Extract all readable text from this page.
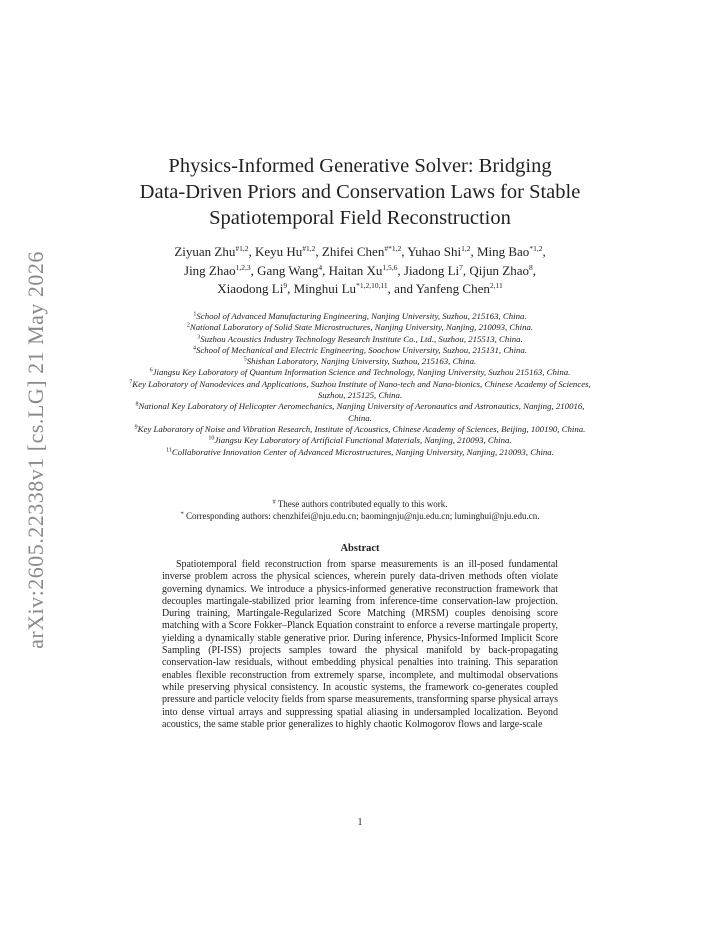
arXiv:2605.22338v1 [cs.LG] 21 May 2026
Physics-Informed Generative Solver: Bridging
Data-Driven Priors and Conservation Laws for Stable
Spatiotemporal Field Reconstruction
Ziyuan Zhu$^{\#1,2}$, Keyu Hu$^{\#1,2}$, Zhifei Chen$^{\#*1,2}$, Yuhao Shi$^{1,2}$, Ming Bao$^{*1,2}$,
Jing Zhao$^{1,2,3}$, Gang Wang$^4$, Haitan Xu$^{1,5,6}$, Jiadong Li$^7$, Qijun Zhao$^8$,
Xiaodong Li$^9$, Minghui Lu$^{*1,2,10,11}$, and Yanfeng Chen$^{2,11}$
$^1$School of Advanced Manufacturing Engineering, Nanjing University, Suzhou, 215163, China.
$^2$National Laboratory of Solid State Microstructures, Nanjing University, Nanjing, 210093, China.
$^3$Suzhou Acoustics Industry Technology Research Institute Co., Ltd., Suzhou, 215513, China.
$^4$School of Mechanical and Electric Engineering, Soochow University, Suzhou, 215131, China.
$^5$Shishan Laboratory, Nanjing University, Suzhou, 215163, China.
$^6$Jiangsu Key Laboratory of Quantum Information Science and Technology, Nanjing University, Suzhou 215163, China.
$^7$Key Laboratory of Nanodevices and Applications, Suzhou Institute of Nano-tech and Nano-bionics, Chinese Academy of Sciences, Suzhou, 215125, China.
$^8$National Key Laboratory of Helicopter Aeromechanics, Nanjing University of Aeronautics and Astronautics, Nanjing, 210016, China.
$^9$Key Laboratory of Noise and Vibration Research, Institute of Acoustics, Chinese Academy of Sciences, Beijing, 100190, China.
$^{10}$Jiangsu Key Laboratory of Artificial Functional Materials, Nanjing, 210093, China.
$^{11}$Collaborative Innovation Center of Advanced Microstructures, Nanjing University, Nanjing, 210093, China.
# These authors contributed equally to this work.
* Corresponding authors: chenzhifei@nju.edu.cn; baomingnju@nju.edu.cn; luminghui@nju.edu.cn.
Abstract

Spatiotemporal field reconstruction from sparse measurements is an ill-posed fundamental inverse problem across the physical sciences, wherein purely data-driven methods often violate governing dynamics. We introduce a physics-informed generative reconstruction framework that decouples martingale-stabilized prior learning from inference-time conservation-law projection. During training, Martingale-Regularized Score Matching (MRSM) couples denoising score matching with a Score Fokker–Planck Equation constraint to enforce a reverse martingale property, yielding a dynamically stable generative prior. During inference, Physics-Informed Implicit Score Sampling (PI-ISS) projects samples toward the physical manifold by back-propagating conservation-law residuals, without embedding physical penalties into training. This separation enables flexible reconstruction from extremely sparse, incomplete, and multimodal observations while preserving physical consistency. In acoustic systems, the framework co-generates coupled pressure and particle velocity fields from sparse measurements, transforming sparse physical arrays into dense virtual arrays and suppressing spatial aliasing in undersampled localization. Beyond acoustics, the same stable prior generalizes to highly chaotic Kolmogorov flows and large-scale

1
